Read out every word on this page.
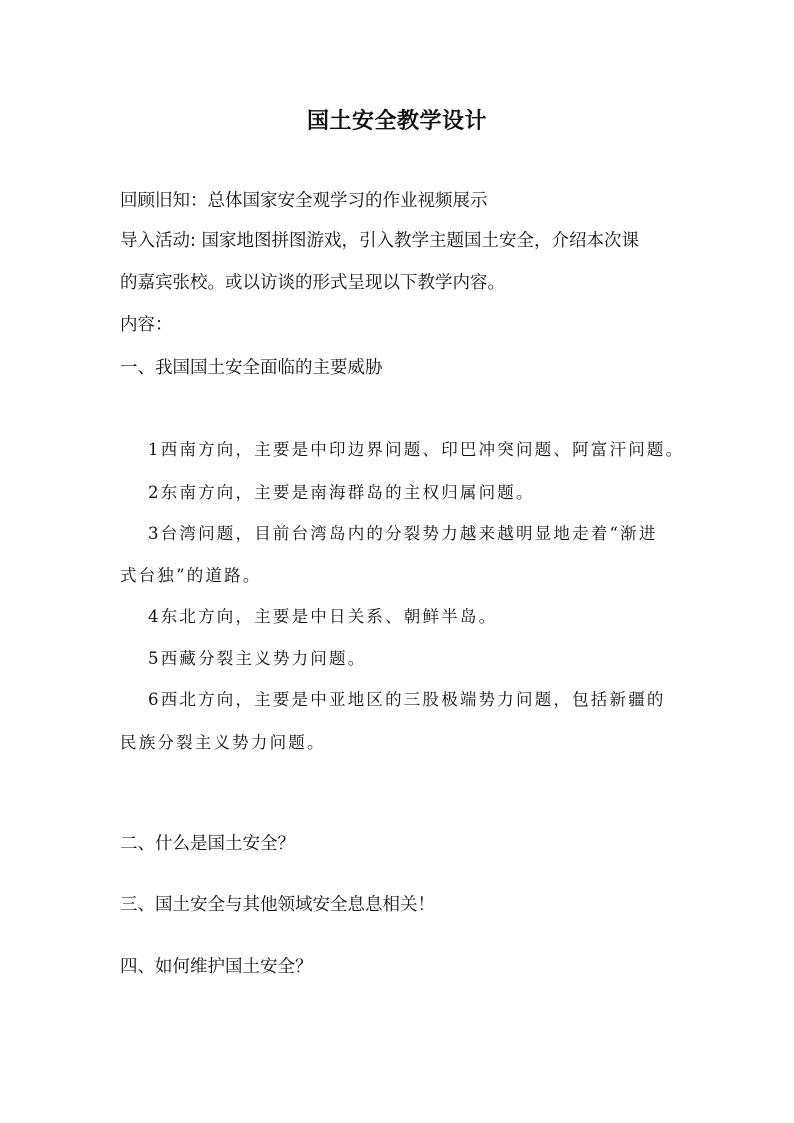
国土安全教学设计

回顾旧知：总体国家安全观学习的作业视频展示

导入活动: 国家地图拼图游戏，引入教学主题国土安全，介绍本次课

的嘉宾张校。或以访谈的形式呈现以下教学内容。

内容：

一、我国国土安全面临的主要威胁

1西南方向，主要是中印边界问题、印巴冲突问题、阿富汗问题。

2东南方向，主要是南海群岛的主权归属问题。

3台湾问题，目前台湾岛内的分裂势力越来越明显地走着“渐进

式台独”的道路。

4东北方向，主要是中日关系、朝鲜半岛。

5西藏分裂主义势力问题。

6西北方向，主要是中亚地区的三股极端势力问题，包括新疆的

民族分裂主义势力问题。

二、什么是国土安全？

三、国土安全与其他领域安全息息相关！

四、如何维护国土安全？
